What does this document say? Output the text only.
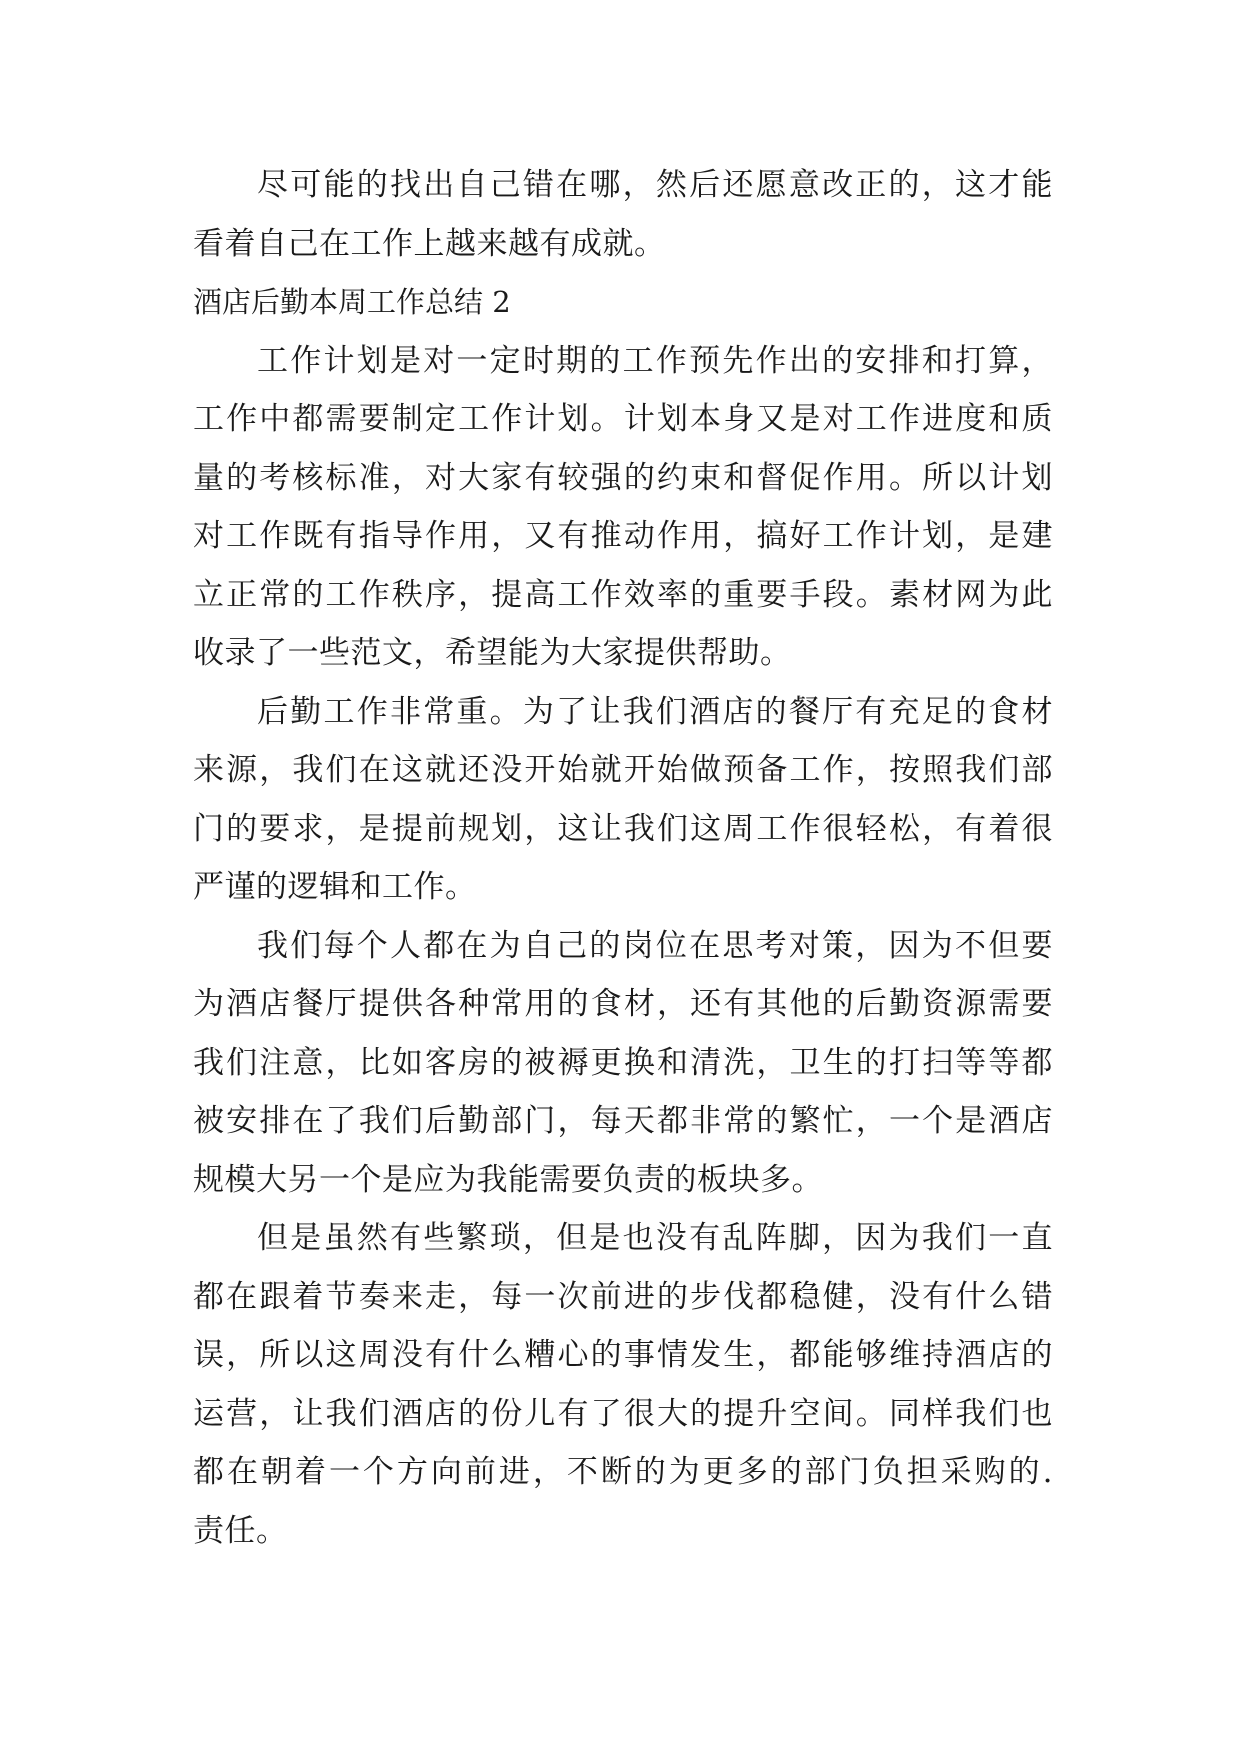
尽可能的找出自己错在哪，然后还愿意改正的，这才能
看着自己在工作上越来越有成就。
酒店后勤本周工作总结 2
工作计划是对一定时期的工作预先作出的安排和打算，
工作中都需要制定工作计划。计划本身又是对工作进度和质
量的考核标准，对大家有较强的约束和督促作用。所以计划
对工作既有指导作用，又有推动作用，搞好工作计划，是建
立正常的工作秩序，提高工作效率的重要手段。素材网为此
收录了一些范文，希望能为大家提供帮助。
后勤工作非常重。为了让我们酒店的餐厅有充足的食材
来源，我们在这就还没开始就开始做预备工作，按照我们部
门的要求，是提前规划，这让我们这周工作很轻松，有着很
严谨的逻辑和工作。
我们每个人都在为自己的岗位在思考对策，因为不但要
为酒店餐厅提供各种常用的食材，还有其他的后勤资源需要
我们注意，比如客房的被褥更换和清洗，卫生的打扫等等都
被安排在了我们后勤部门，每天都非常的繁忙，一个是酒店
规模大另一个是应为我能需要负责的板块多。
但是虽然有些繁琐，但是也没有乱阵脚，因为我们一直
都在跟着节奏来走，每一次前进的步伐都稳健，没有什么错
误，所以这周没有什么糟心的事情发生，都能够维持酒店的
运营，让我们酒店的份儿有了很大的提升空间。同样我们也
都在朝着一个方向前进，不断的为更多的部门负担采购的.
责任。
